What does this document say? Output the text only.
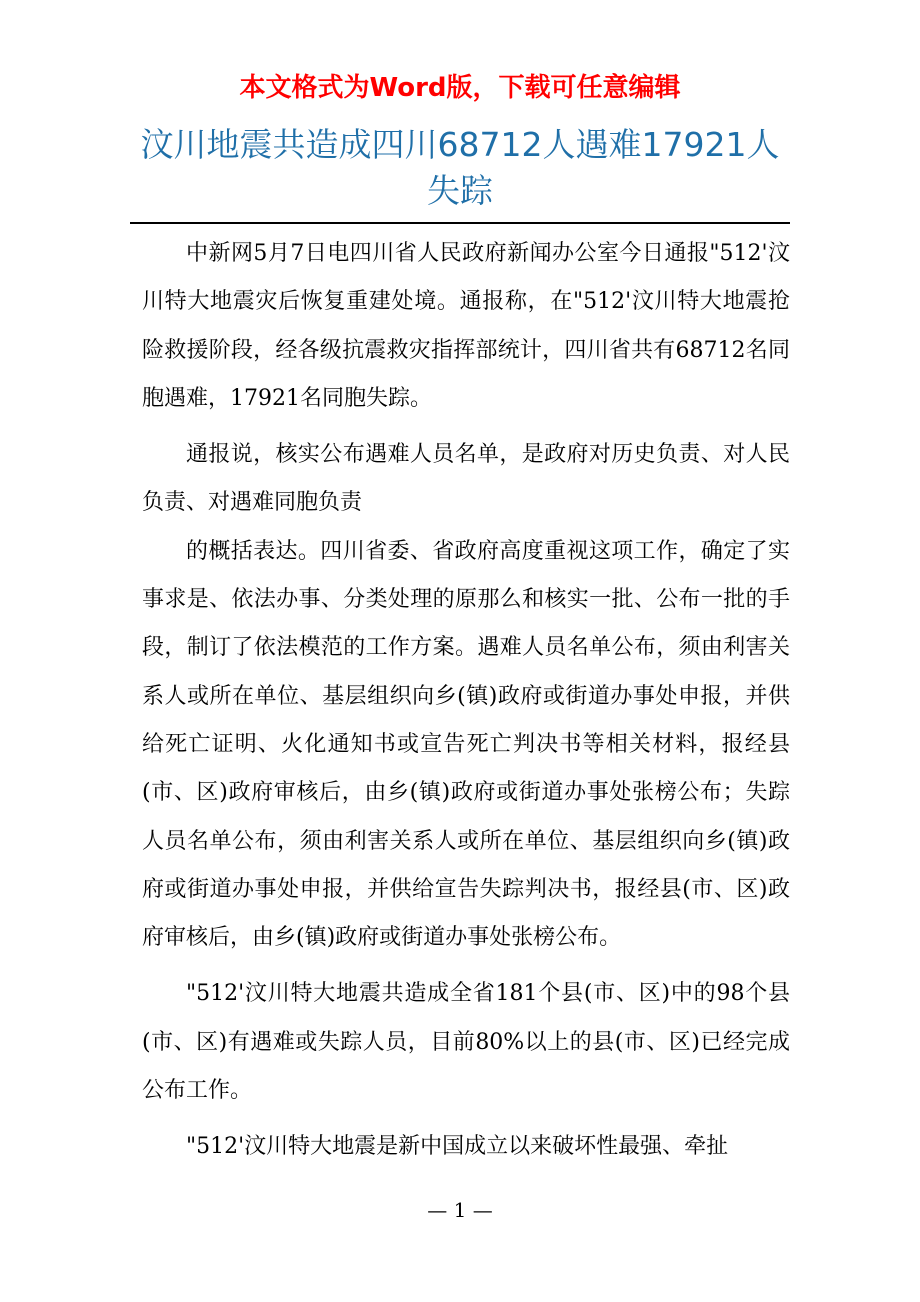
本文格式为Word版，下载可任意编辑
汶川地震共造成四川68712人遇难17921人失踪

中新网5月7日电四川省人民政府新闻办公室今日通报"512'汶川特大地震灾后恢复重建处境。通报称，在"512'汶川特大地震抢险救援阶段，经各级抗震救灾指挥部统计，四川省共有68712名同胞遇难，17921名同胞失踪。

通报说，核实公布遇难人员名单，是政府对历史负责、对人民负责、对遇难同胞负责

的概括表达。四川省委、省政府高度重视这项工作，确定了实事求是、依法办事、分类处理的原那么和核实一批、公布一批的手段，制订了依法模范的工作方案。遇难人员名单公布，须由利害关系人或所在单位、基层组织向乡(镇)政府或街道办事处申报，并供给死亡证明、火化通知书或宣告死亡判决书等相关材料，报经县(市、区)政府审核后，由乡(镇)政府或街道办事处张榜公布；失踪人员名单公布，须由利害关系人或所在单位、基层组织向乡(镇)政府或街道办事处申报，并供给宣告失踪判决书，报经县(市、区)政府审核后，由乡(镇)政府或街道办事处张榜公布。

"512'汶川特大地震共造成全省181个县(市、区)中的98个县(市、区)有遇难或失踪人员，目前80%以上的县(市、区)已经完成公布工作。

"512'汶川特大地震是新中国成立以来破坏性最强、牵扯

— 1 —
